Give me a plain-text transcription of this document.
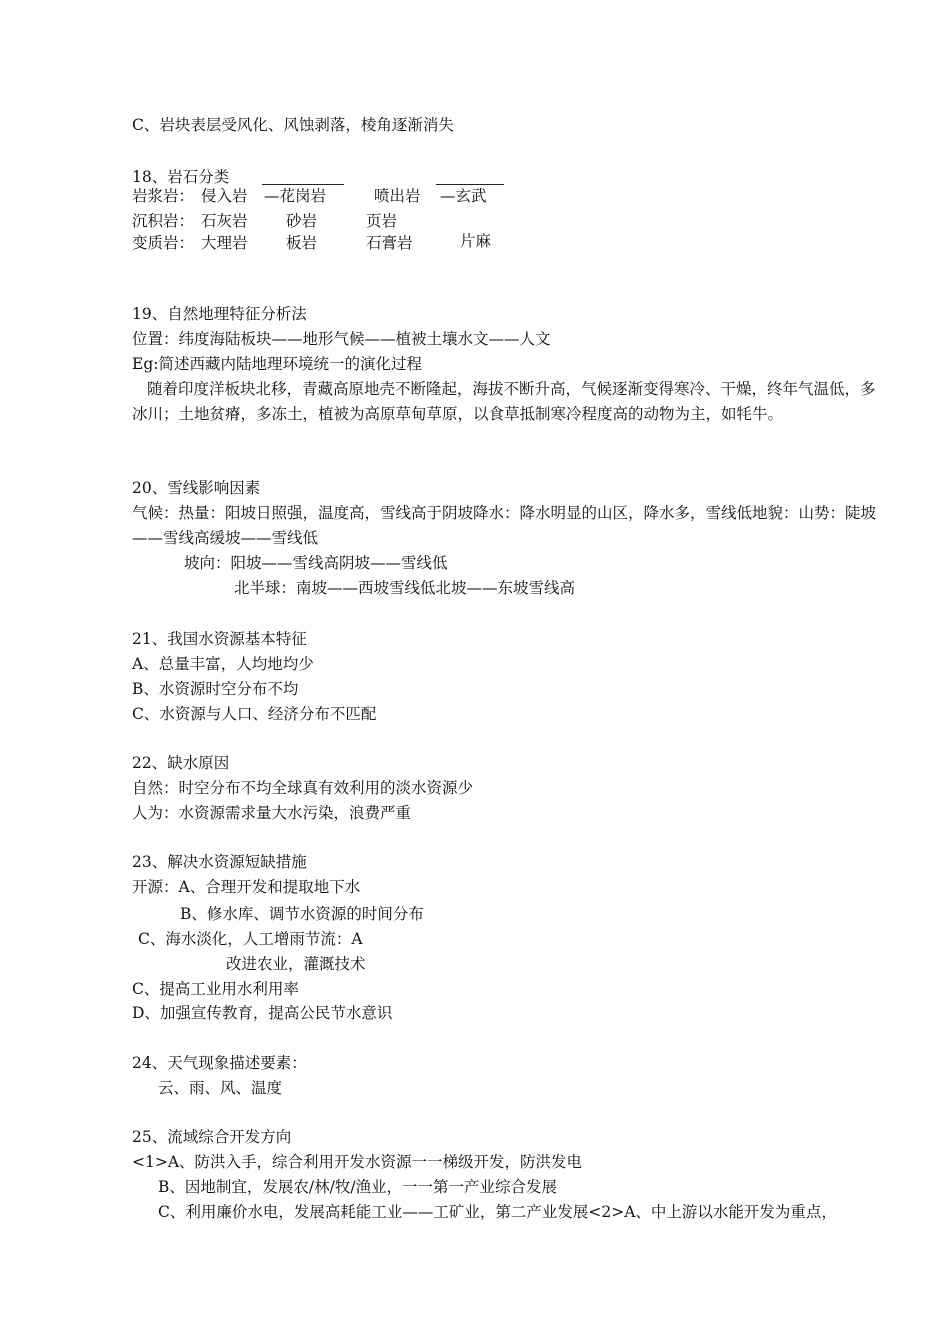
C、岩块表层受风化、风蚀剥落，棱角逐渐消失
18、岩石分类
岩浆岩： 侵入岩 —花岗岩	喷出岩 —玄武
沉积岩： 石灰岩 砂岩	页岩
变质岩： 大理岩 板岩	石膏岩	片麻
19、自然地理特征分析法
位置：纬度海陆板块——地形气候——植被土壤水文——人文
Eg:简述西藏内陆地理环境统一的演化过程
随着印度洋板块北移，青藏高原地壳不断隆起，海拔不断升高，气候逐渐变得寒冷、干燥，终年气温低，多冰川；土地贫瘠，多冻土，植被为高原草甸草原，以食草抵制寒冷程度高的动物为主，如牦牛。
20、雪线影响因素
气候：热量：阳坡日照强，温度高，雪线高于阴坡降水：降水明显的山区，降水多，雪线低地貌：山势：陡坡——雪线高缓坡——雪线低
坡向：阳坡——雪线高阴坡——雪线低
北半球：南坡——西坡雪线低北坡——东坡雪线高
21、我国水资源基本特征
A、总量丰富，人均地均少
B、水资源时空分布不均
C、水资源与人口、经济分布不匹配
22、缺水原因
自然：时空分布不均全球真有效利用的淡水资源少
人为：水资源需求量大水污染，浪费严重
23、解决水资源短缺措施
开源：A、合理开发和提取地下水
B、修水库、调节水资源的时间分布
C、海水淡化，人工增雨节流：A
改进农业，灌溉技术
C、提高工业用水利用率
D、加强宣传教育，提高公民节水意识
24、天气现象描述要素：
云、雨、风、温度
25、流域综合开发方向
<1>A、防洪入手，综合利用开发水资源一一梯级开发，防洪发电
B、因地制宜，发展农/林/牧/渔业，一一第一产业综合发展
C、利用廉价水电，发展高耗能工业——工矿业，第二产业发展<2>A、中上游以水能开发为重点，
